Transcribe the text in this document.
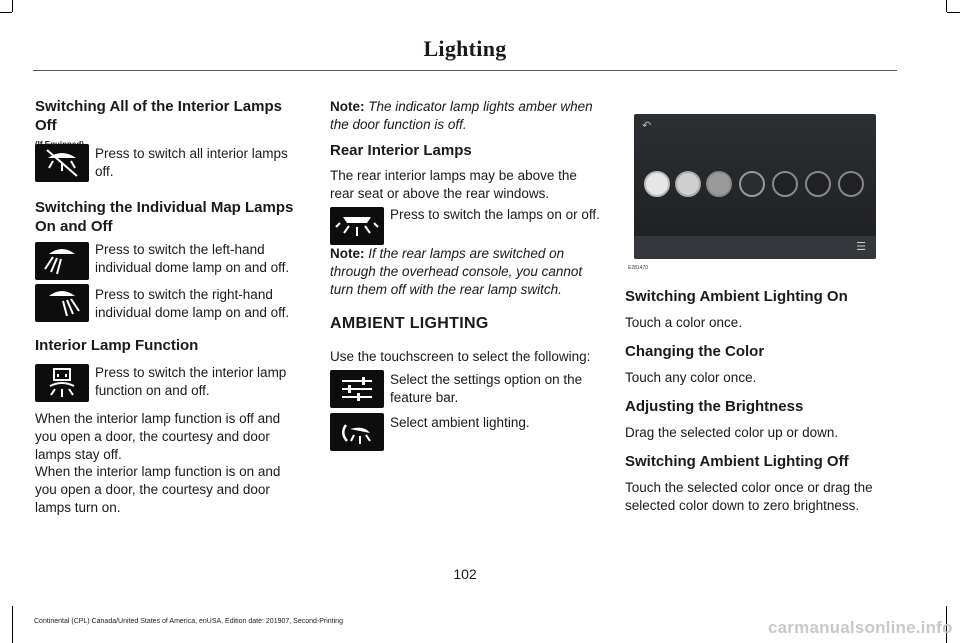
Lighting
Switching All of the Interior Lamps Off
Press to switch all interior lamps off.
Switching the Individual Map Lamps
On and Off
Press to switch the left-hand individual dome lamp on and off.
Press to switch the right-hand individual dome lamp on and off.
Interior Lamp Function
Press to switch the interior lamp function on and off.

When the interior lamp function is off and you open a door, the courtesy and door lamps stay off.

When the interior lamp function is on and you open a door, the courtesy and door lamps turn on.

Note: The indicator lamp lights amber when the door function is off.

Rear Interior Lamps

The rear interior lamps may be above the rear seat or above the rear windows.

Press to switch the lamps on or off.

Note: If the rear lamps are switched on through the overhead console, you cannot turn them off with the rear lamp switch.

AMBIENT LIGHTING

Use the touchscreen to select the following:

Select the settings option on the feature bar.
Select ambient lighting.
↶
☰
E281470
Switching Ambient Lighting On

Touch a color once.

Changing the Color

Touch any color once.

Adjusting the Brightness

Drag the selected color up or down.

Switching Ambient Lighting Off

Touch the selected color once or drag the selected color down to zero brightness.

102
Continental (CPL) Canada/United States of America, enUSA, Edition date: 201907, Second-Printing	carmanualsonline.info
